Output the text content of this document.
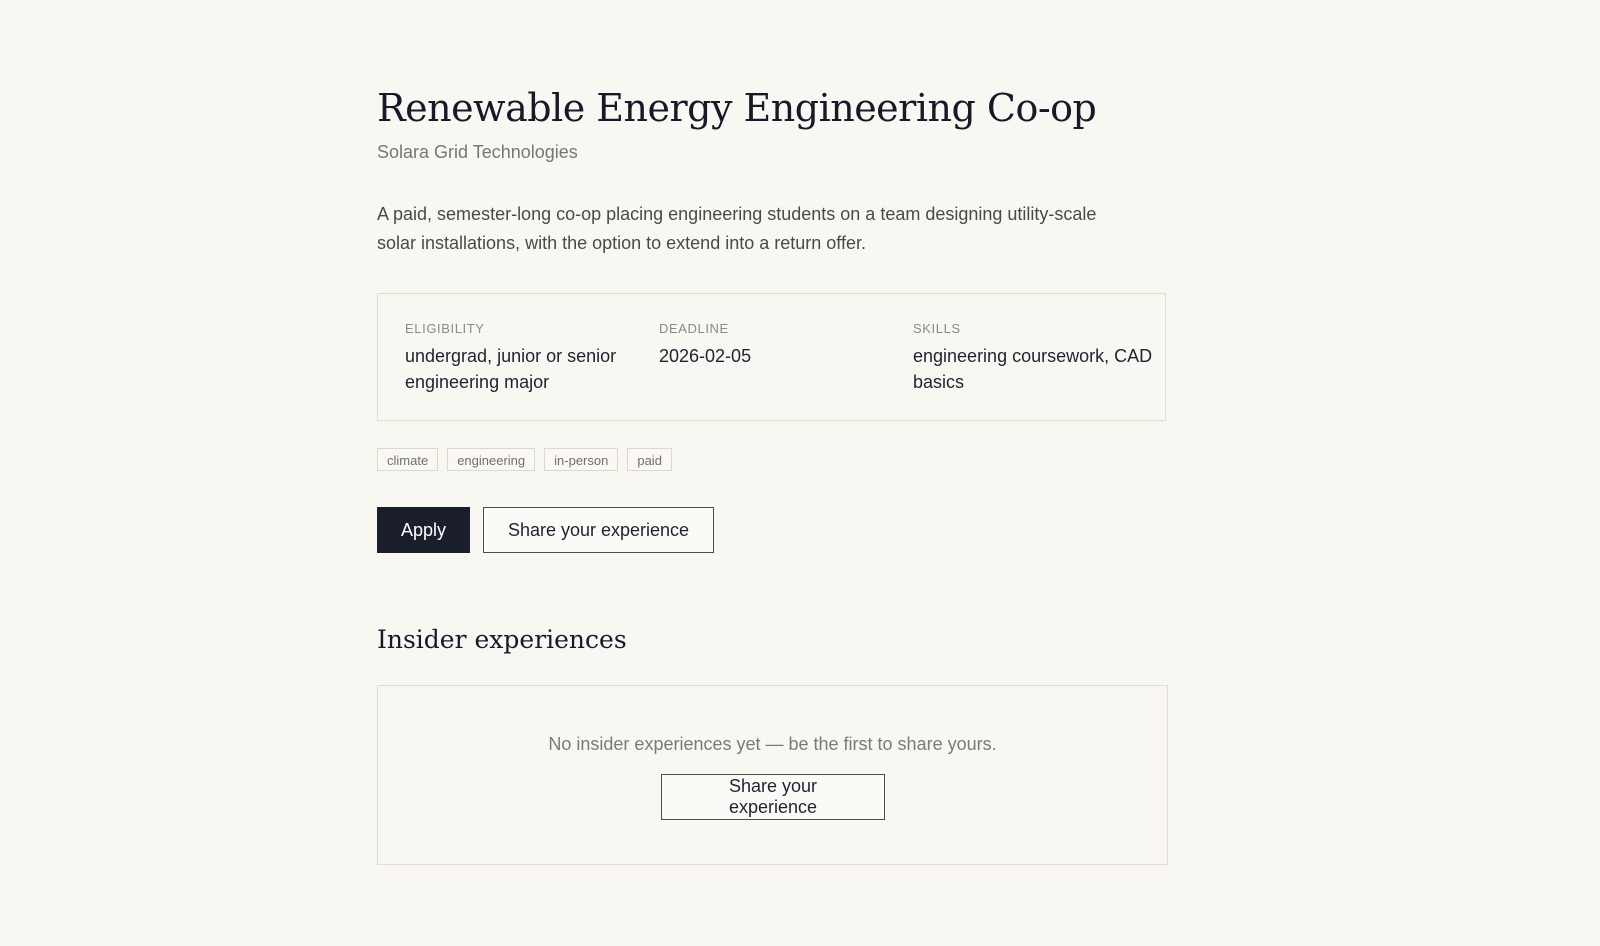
Renewable Energy Engineering Co-op
Solara Grid Technologies

A paid, semester-long co-op placing engineering students on a team designing utility-scale solar installations, with the option to extend into a return offer.

ELIGIBILITY
undergrad, junior or senior engineering major
DEADLINE
2026-02-05
SKILLS
engineering coursework, CAD basics
climate	engineering	in-person	paid
Apply	Share your experience
Insider experiences
No insider experiences yet — be the first to share yours.
Share your experience
